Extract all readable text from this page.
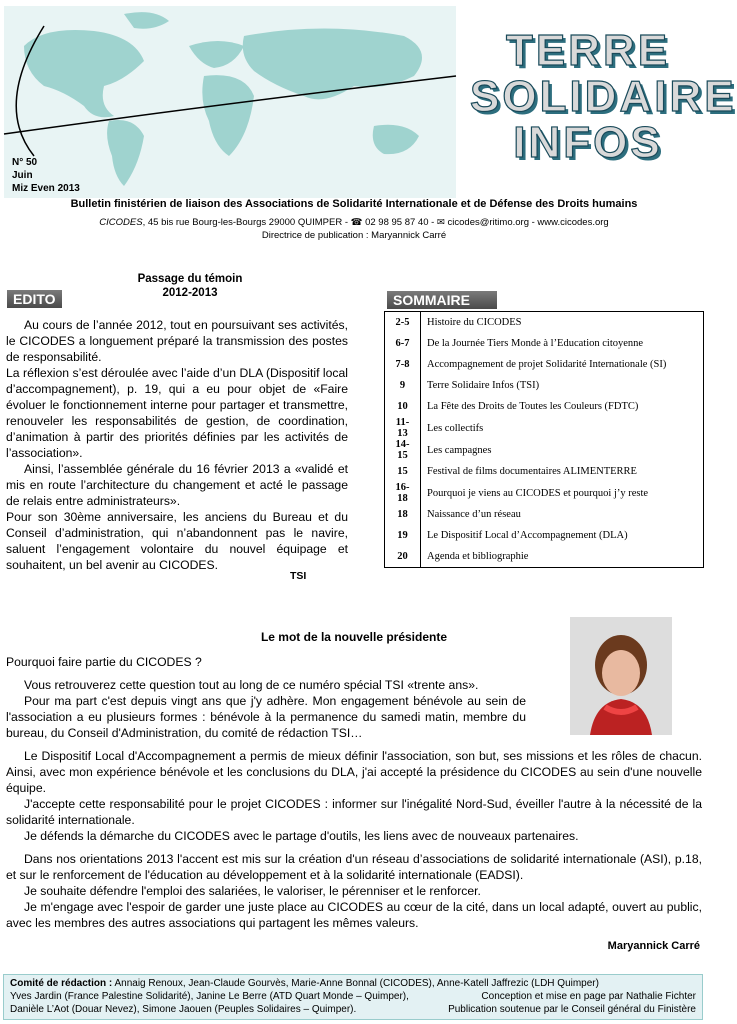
N° 50
Juin
Miz Even 2013
TERRE
SOLIDAIRE
INFOS
Bulletin finistérien de liaison des Associations de Solidarité Internationale et de Défense des Droits humains
CICODES, 45 bis rue Bourg-les-Bourgs 29000 QUIMPER - ☎ 02 98 95 87 40 - ✉ cicodes@ritimo.org - www.cicodes.org
Directrice de publication : Maryannick Carré
Passage du témoin
2012-2013
EDITO

Au cours de l’année 2012, tout en poursuivant ses activités, le CICODES a longuement préparé la transmission des postes de responsabilité.

La réflexion s’est déroulée avec l’aide d’un DLA (Dispositif local d’accompagnement), p. 19, qui a eu pour objet de «Faire évoluer le fonctionnement interne pour partager et transmettre, renouveler les responsabilités de gestion, de coordination, d’animation à partir des priorités définies par les activités de l’association».

Ainsi, l’assemblée générale du 16 février 2013 a «validé et mis en route l’architecture du changement et acté le passage de relais entre administrateurs».

Pour son 30ème anniversaire, les anciens du Bureau et du Conseil d’administration, qui n’abandonnent pas le navire, saluent l’engagement volontaire du nouvel équipage et souhaitent, un bel avenir au CICODES.

TSI
SOMMAIRE
2-5	Histoire du CICODES
6-7	De la Journée Tiers Monde à l’Education citoyenne
7-8	Accompagnement de projet Solidarité Internationale (SI)
9	Terre Solidaire Infos (TSI)
10	La Fête des Droits de Toutes les Couleurs (FDTC)
11-13	Les collectifs
14-15	Les campagnes
15	Festival de films documentaires ALIMENTERRE
16-18	Pourquoi je viens au CICODES et pourquoi j’y reste
18	Naissance d’un réseau
19	Le Dispositif Local d’Accompagnement (DLA)
20	Agenda et bibliographie
Le mot de la nouvelle présidente

Pourquoi faire partie du CICODES ?

Vous retrouverez cette question tout au long de ce numéro spécial TSI «trente ans».

Pour ma part c'est depuis vingt ans que j'y adhère. Mon engagement bénévole au sein de l'association a eu plusieurs formes : bénévole à la permanence du samedi matin, membre du bureau, du Conseil d'Administration, du comité de rédaction TSI…

Le Dispositif Local d'Accompagnement a permis de mieux définir l'association, son but, ses missions et les rôles de chacun. Ainsi, avec mon expérience bénévole et les conclusions du DLA, j'ai accepté la présidence du CICODES au sein d'une nouvelle équipe.

J'accepte cette responsabilité pour le projet CICODES : informer sur l'inégalité Nord-Sud, éveiller l'autre à la nécessité de la solidarité internationale.

Je défends la démarche du CICODES avec le partage d'outils, les liens avec de nouveaux partenaires.

Dans nos orientations 2013 l'accent est mis sur la création d'un réseau d’associations de solidarité internationale (ASI), p.18, et sur le renforcement de l'éducation au développement et à la solidarité internationale (EADSI).

Je souhaite défendre l'emploi des salariées, le valoriser, le pérenniser et le renforcer.

Je m'engage avec l'espoir de garder une juste place au CICODES au cœur de la cité, dans un local adapté, ouvert au public, avec les membres des autres associations qui partagent les mêmes valeurs.

Maryannick Carré
Comité de rédaction : Annaig Renoux, Jean-Claude Gourvès, Marie-Anne Bonnal (CICODES), Anne-Katell Jaffrezic (LDH Quimper)
Yves Jardin (France Palestine Solidarité), Janine Le Berre (ATD Quart Monde – Quimper),	Conception et mise en page par Nathalie Fichter
Danièle L’Aot (Douar Nevez), Simone Jaouen (Peuples Solidaires – Quimper).	Publication soutenue par le Conseil général du Finistère
